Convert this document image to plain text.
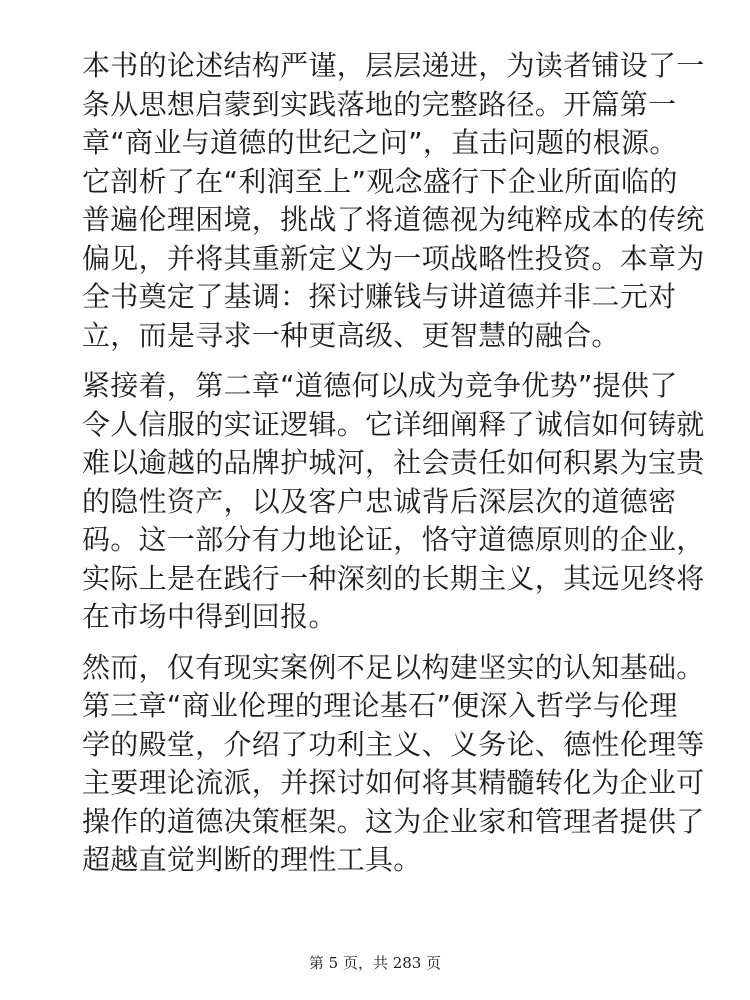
本书的论述结构严谨，层层递进，为读者铺设了一
条从思想启蒙到实践落地的完整路径。开篇第一
章“商业与道德的世纪之问”，直击问题的根源。
它剖析了在“利润至上”观念盛行下企业所面临的
普遍伦理困境，挑战了将道德视为纯粹成本的传统
偏见，并将其重新定义为一项战略性投资。本章为
全书奠定了基调：探讨赚钱与讲道德并非二元对
立，而是寻求一种更高级、更智慧的融合。

紧接着，第二章“道德何以成为竞争优势”提供了
令人信服的实证逻辑。它详细阐释了诚信如何铸就
难以逾越的品牌护城河，社会责任如何积累为宝贵
的隐性资产，以及客户忠诚背后深层次的道德密
码。这一部分有力地论证，恪守道德原则的企业，
实际上是在践行一种深刻的长期主义，其远见终将
在市场中得到回报。

然而，仅有现实案例不足以构建坚实的认知基础。
第三章“商业伦理的理论基石”便深入哲学与伦理
学的殿堂，介绍了功利主义、义务论、德性伦理等
主要理论流派，并探讨如何将其精髓转化为企业可
操作的道德决策框架。这为企业家和管理者提供了
超越直觉判断的理性工具。

第 5 页，共 283 页
